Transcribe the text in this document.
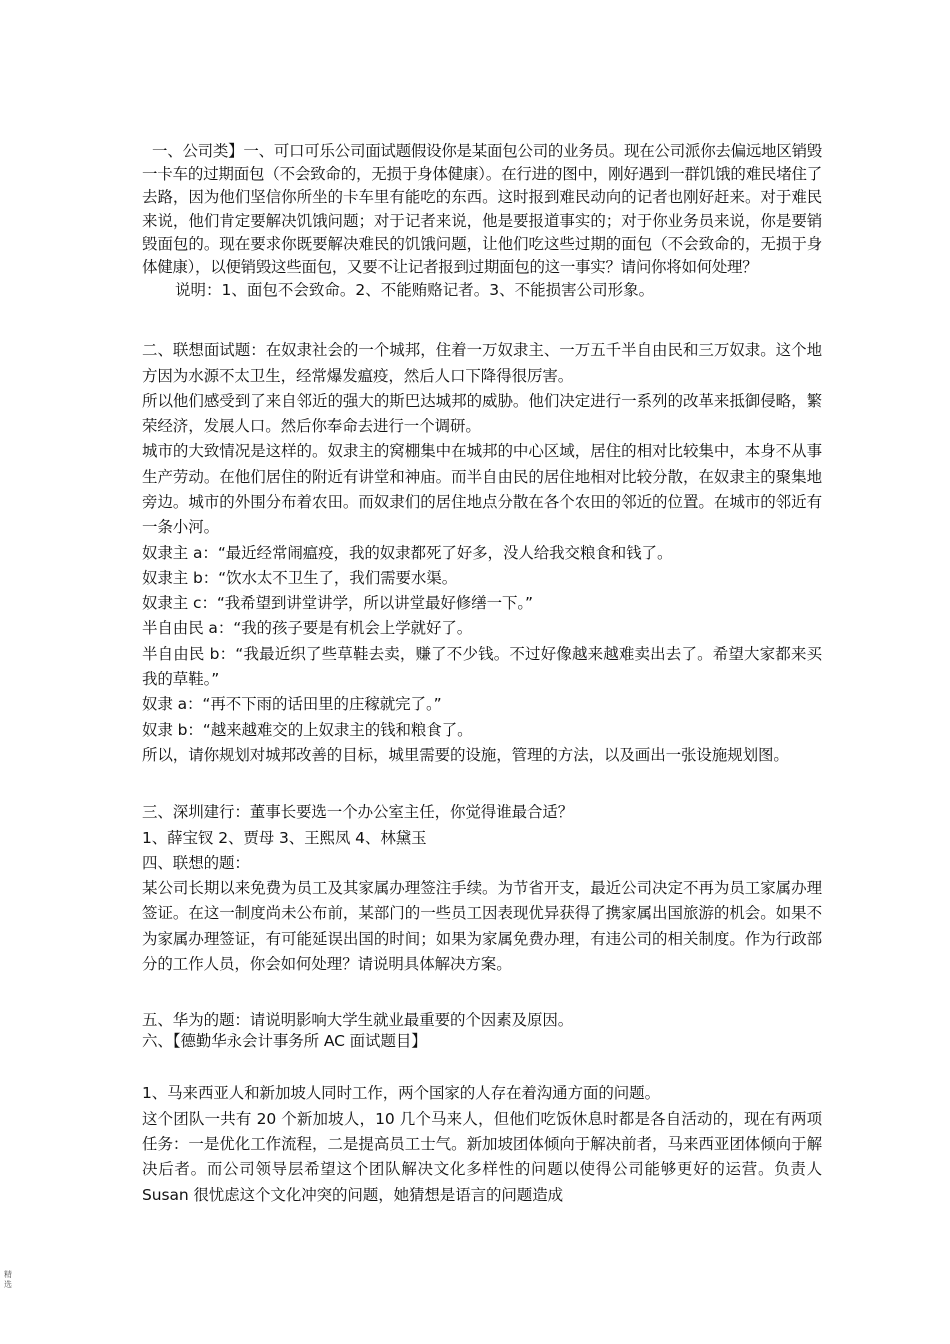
一、公司类】一、可口可乐公司面试题假设你是某面包公司的业务员。现在公司派你去偏远地区销毁一卡车的过期面包（不会致命的，无损于身体健康）。在行进的图中，刚好遇到一群饥饿的难民堵住了去路，因为他们坚信你所坐的卡车里有能吃的东西。这时报到难民动向的记者也刚好赶来。对于难民来说，他们肯定要解决饥饿问题；对于记者来说，他是要报道事实的；对于你业务员来说，你是要销毁面包的。现在要求你既要解决难民的饥饿问题，让他们吃这些过期的面包（不会致命的，无损于身体健康），以便销毁这些面包，又要不让记者报到过期面包的这一事实？请问你将如何处理？

说明：1、面包不会致命。2、不能贿赂记者。3、不能损害公司形象。

二、联想面试题：在奴隶社会的一个城邦，住着一万奴隶主、一万五千半自由民和三万奴隶。这个地方因为水源不太卫生，经常爆发瘟疫，然后人口下降得很厉害。

所以他们感受到了来自邻近的强大的斯巴达城邦的威胁。他们决定进行一系列的改革来抵御侵略，繁荣经济，发展人口。然后你奉命去进行一个调研。

城市的大致情况是这样的。奴隶主的窝棚集中在城邦的中心区域，居住的相对比较集中，本身不从事生产劳动。在他们居住的附近有讲堂和神庙。而半自由民的居住地相对比较分散，在奴隶主的聚集地旁边。城市的外围分布着农田。而奴隶们的居住地点分散在各个农田的邻近的位置。在城市的邻近有一条小河。

奴隶主 a：“最近经常闹瘟疫，我的奴隶都死了好多，没人给我交粮食和钱了。

奴隶主 b：“饮水太不卫生了，我们需要水渠。

奴隶主 c：“我希望到讲堂讲学，所以讲堂最好修缮一下。”

半自由民 a：“我的孩子要是有机会上学就好了。

半自由民 b：“我最近织了些草鞋去卖，赚了不少钱。不过好像越来越难卖出去了。希望大家都来买我的草鞋。”

奴隶 a：“再不下雨的话田里的庄稼就完了。”

奴隶 b：“越来越难交的上奴隶主的钱和粮食了。

所以，请你规划对城邦改善的目标，城里需要的设施，管理的方法，以及画出一张设施规划图。

三、深圳建行：董事长要选一个办公室主任，你觉得谁最合适？

1、薛宝钗 2、贾母 3、王熙凤 4、林黛玉

四、联想的题：

某公司长期以来免费为员工及其家属办理签注手续。为节省开支，最近公司决定不再为员工家属办理签证。在这一制度尚未公布前，某部门的一些员工因表现优异获得了携家属出国旅游的机会。如果不为家属办理签证，有可能延误出国的时间；如果为家属免费办理，有违公司的相关制度。作为行政部分的工作人员，你会如何处理？请说明具体解决方案。

五、华为的题：请说明影响大学生就业最重要的个因素及原因。

六、【德勤华永会计事务所 AC 面试题目】

1、马来西亚人和新加坡人同时工作，两个国家的人存在着沟通方面的问题。

这个团队一共有 20 个新加坡人，10 几个马来人，但他们吃饭休息时都是各自活动的，现在有两项任务：一是优化工作流程，二是提高员工士气。新加坡团体倾向于解决前者，马来西亚团体倾向于解决后者。而公司领导层希望这个团队解决文化多样性的问题以使得公司能够更好的运营。负责人 Susan 很忧虑这个文化冲突的问题，她猜想是语言的问题造成

精选
